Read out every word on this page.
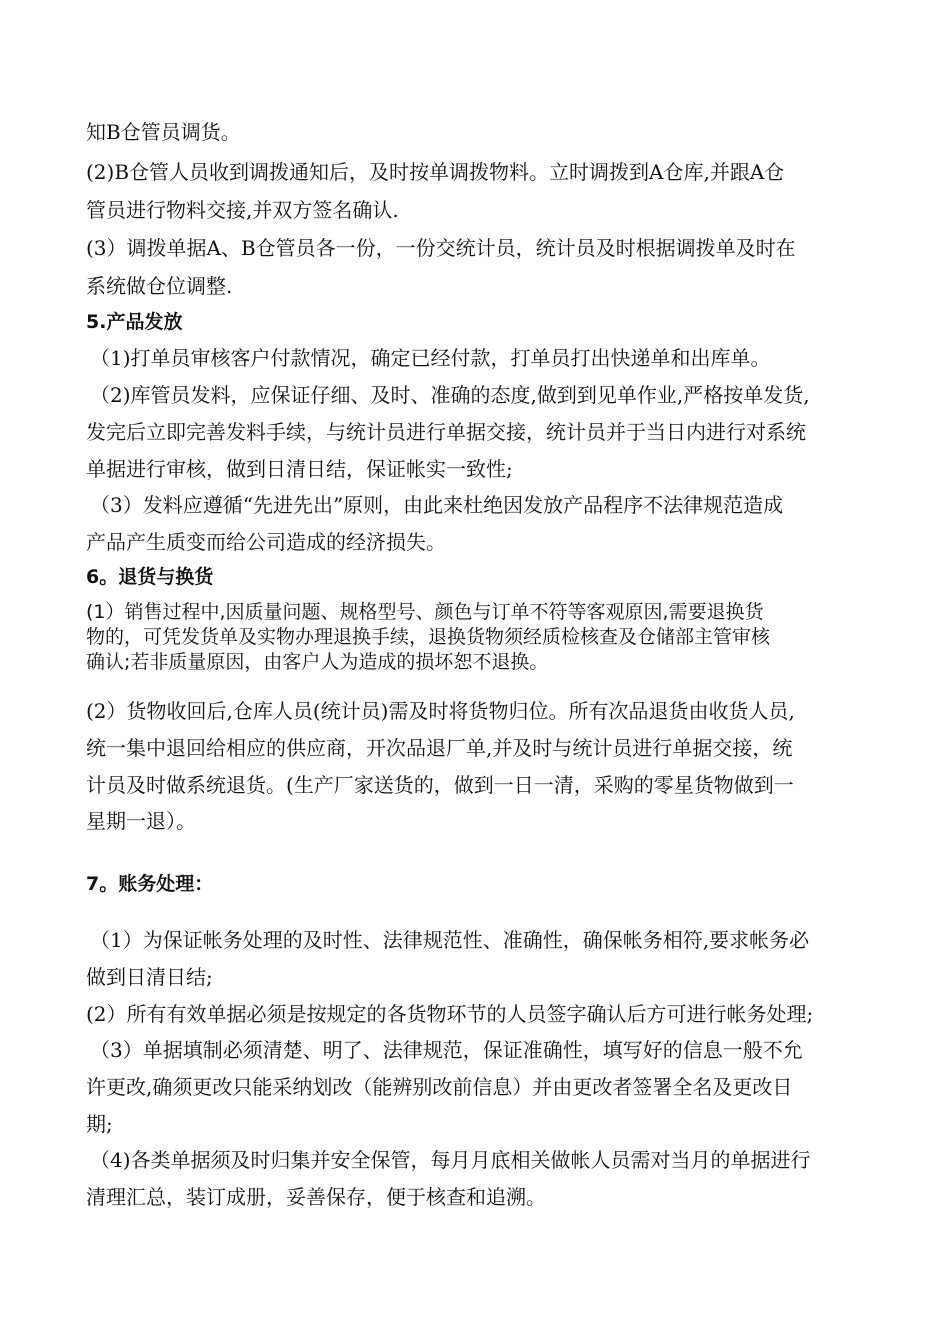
知B仓管员调货。
(2)B仓管人员收到调拨通知后，及时按单调拨物料。立时调拨到A仓库,并跟A仓
管员进行物料交接,并双方签名确认.
(3）调拨单据A、B仓管员各一份，一份交统计员，统计员及时根据调拨单及时在
系统做仓位调整.
5.产品发放
（1)打单员审核客户付款情况，确定已经付款，打单员打出快递单和出库单。
（2)库管员发料，应保证仔细、及时、准确的态度,做到到见单作业,严格按单发货,
发完后立即完善发料手续，与统计员进行单据交接，统计员并于当日内进行对系统
单据进行审核，做到日清日结，保证帐实一致性;
（3）发料应遵循“先进先出”原则，由此来杜绝因发放产品程序不法律规范造成
产品产生质变而给公司造成的经济损失。
6。退货与换货
(1）销售过程中,因质量问题、规格型号、颜色与订单不符等客观原因,需要退换货
物的，可凭发货单及实物办理退换手续，退换货物须经质检核查及仓储部主管审核
确认;若非质量原因，由客户人为造成的损坏恕不退换。
(2）货物收回后,仓库人员(统计员)需及时将货物归位。所有次品退货由收货人员,
统一集中退回给相应的供应商，开次品退厂单,并及时与统计员进行单据交接，统
计员及时做系统退货。(生产厂家送货的，做到一日一清，采购的零星货物做到一
星期一退）。
7。账务处理：
（1）为保证帐务处理的及时性、法律规范性、准确性，确保帐务相符,要求帐务必
做到日清日结;
(2）所有有效单据必须是按规定的各货物环节的人员签字确认后方可进行帐务处理;
（3）单据填制必须清楚、明了、法律规范，保证准确性，填写好的信息一般不允
许更改,确须更改只能采纳划改（能辨别改前信息）并由更改者签署全名及更改日
期;
（4)各类单据须及时归集并安全保管，每月月底相关做帐人员需对当月的单据进行
清理汇总，装订成册，妥善保存，便于核查和追溯。
